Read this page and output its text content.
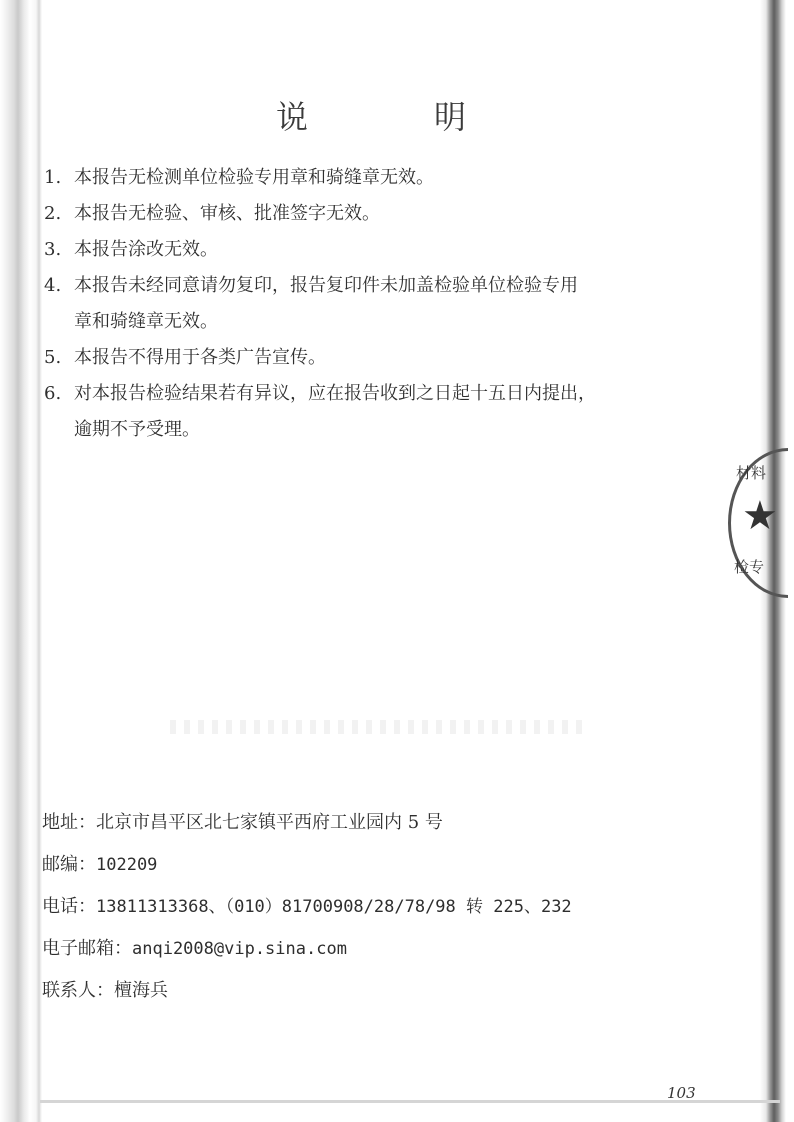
说	明
1. 本报告无检测单位检验专用章和骑缝章无效。
2. 本报告无检验、审核、批准签字无效。
3. 本报告涂改无效。
4. 本报告未经同意请勿复印，报告复印件未加盖检验单位检验专用
章和骑缝章无效。
5. 本报告不得用于各类广告宣传。
6. 对本报告检验结果若有异议，应在报告收到之日起十五日内提出，
逾期不予受理。
材料
★
检专
地址：北京市昌平区北七家镇平西府工业园内 5 号
邮编：102209
电话：13811313368、（010）81700908/28/78/98 转 225、232
电子邮箱：anqi2008@vip.sina.com
联系人：檀海兵
103
